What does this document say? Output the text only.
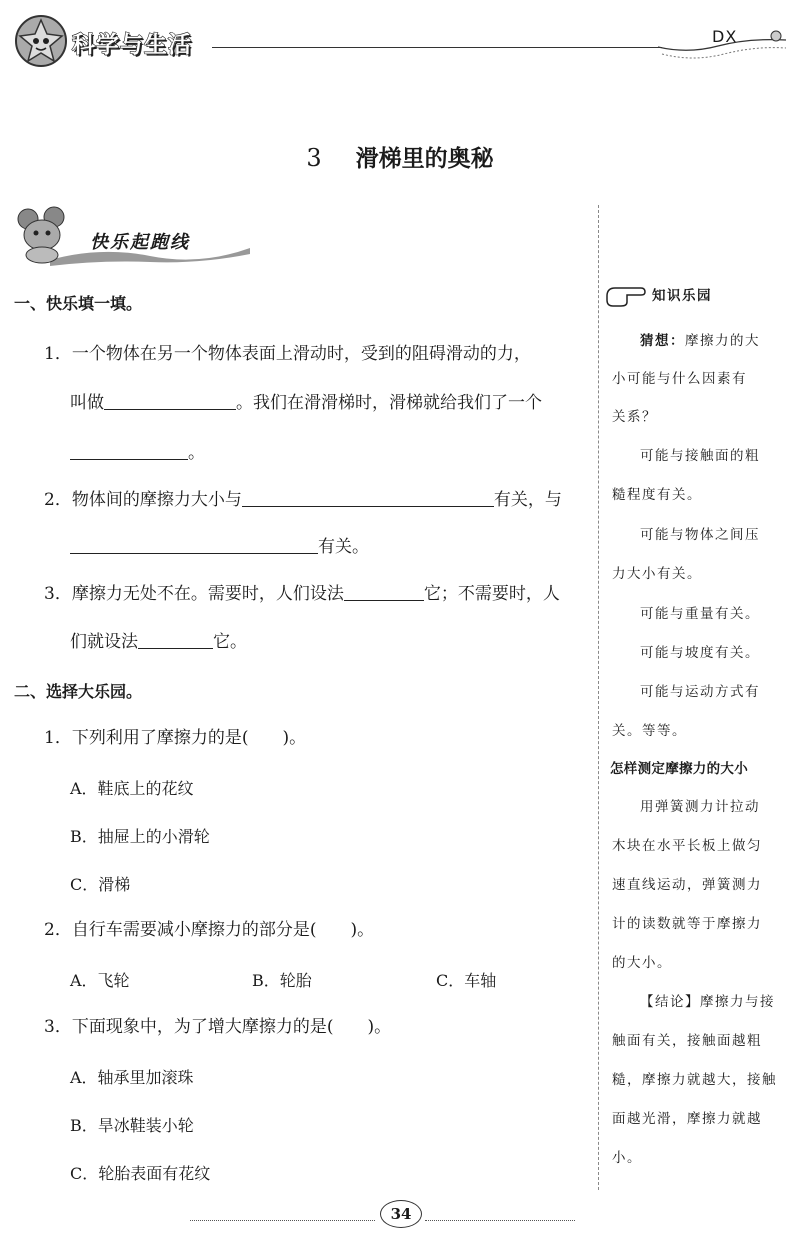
科学与生活	DX
3 滑梯里的奥秘
快乐起跑线
一、快乐填一填。
1．一个物体在另一个物体表面上滑动时，受到的阻碍滑动的力，
叫做	。我们在滑滑梯时，滑梯就给我们了一个
。
2．物体间的摩擦力大小与	有关，与
有关。
3．摩擦力无处不在。需要时，人们设法	它；不需要时，人
们就设法	它。
二、选择大乐园。
1．下列利用了摩擦力的是(　　)。
A．鞋底上的花纹
B．抽屉上的小滑轮
C．滑梯
2．自行车需要减小摩擦力的部分是(　　)。
A．飞轮	B．轮胎	C．车轴
3．下面现象中，为了增大摩擦力的是(　　)。
A．轴承里加滚珠
B．旱冰鞋装小轮
C．轮胎表面有花纹
知识乐园
猜想：摩擦力的大
小可能与什么因素有
关系？
可能与接触面的粗
糙程度有关。
可能与物体之间压
力大小有关。
可能与重量有关。
可能与坡度有关。
可能与运动方式有
关。等等。
怎样测定摩擦力的大小
用弹簧测力计拉动
木块在水平长板上做匀
速直线运动，弹簧测力
计的读数就等于摩擦力
的大小。
【结论】摩擦力与接
触面有关，接触面越粗
糙，摩擦力就越大，接触
面越光滑，摩擦力就越
小。
34
